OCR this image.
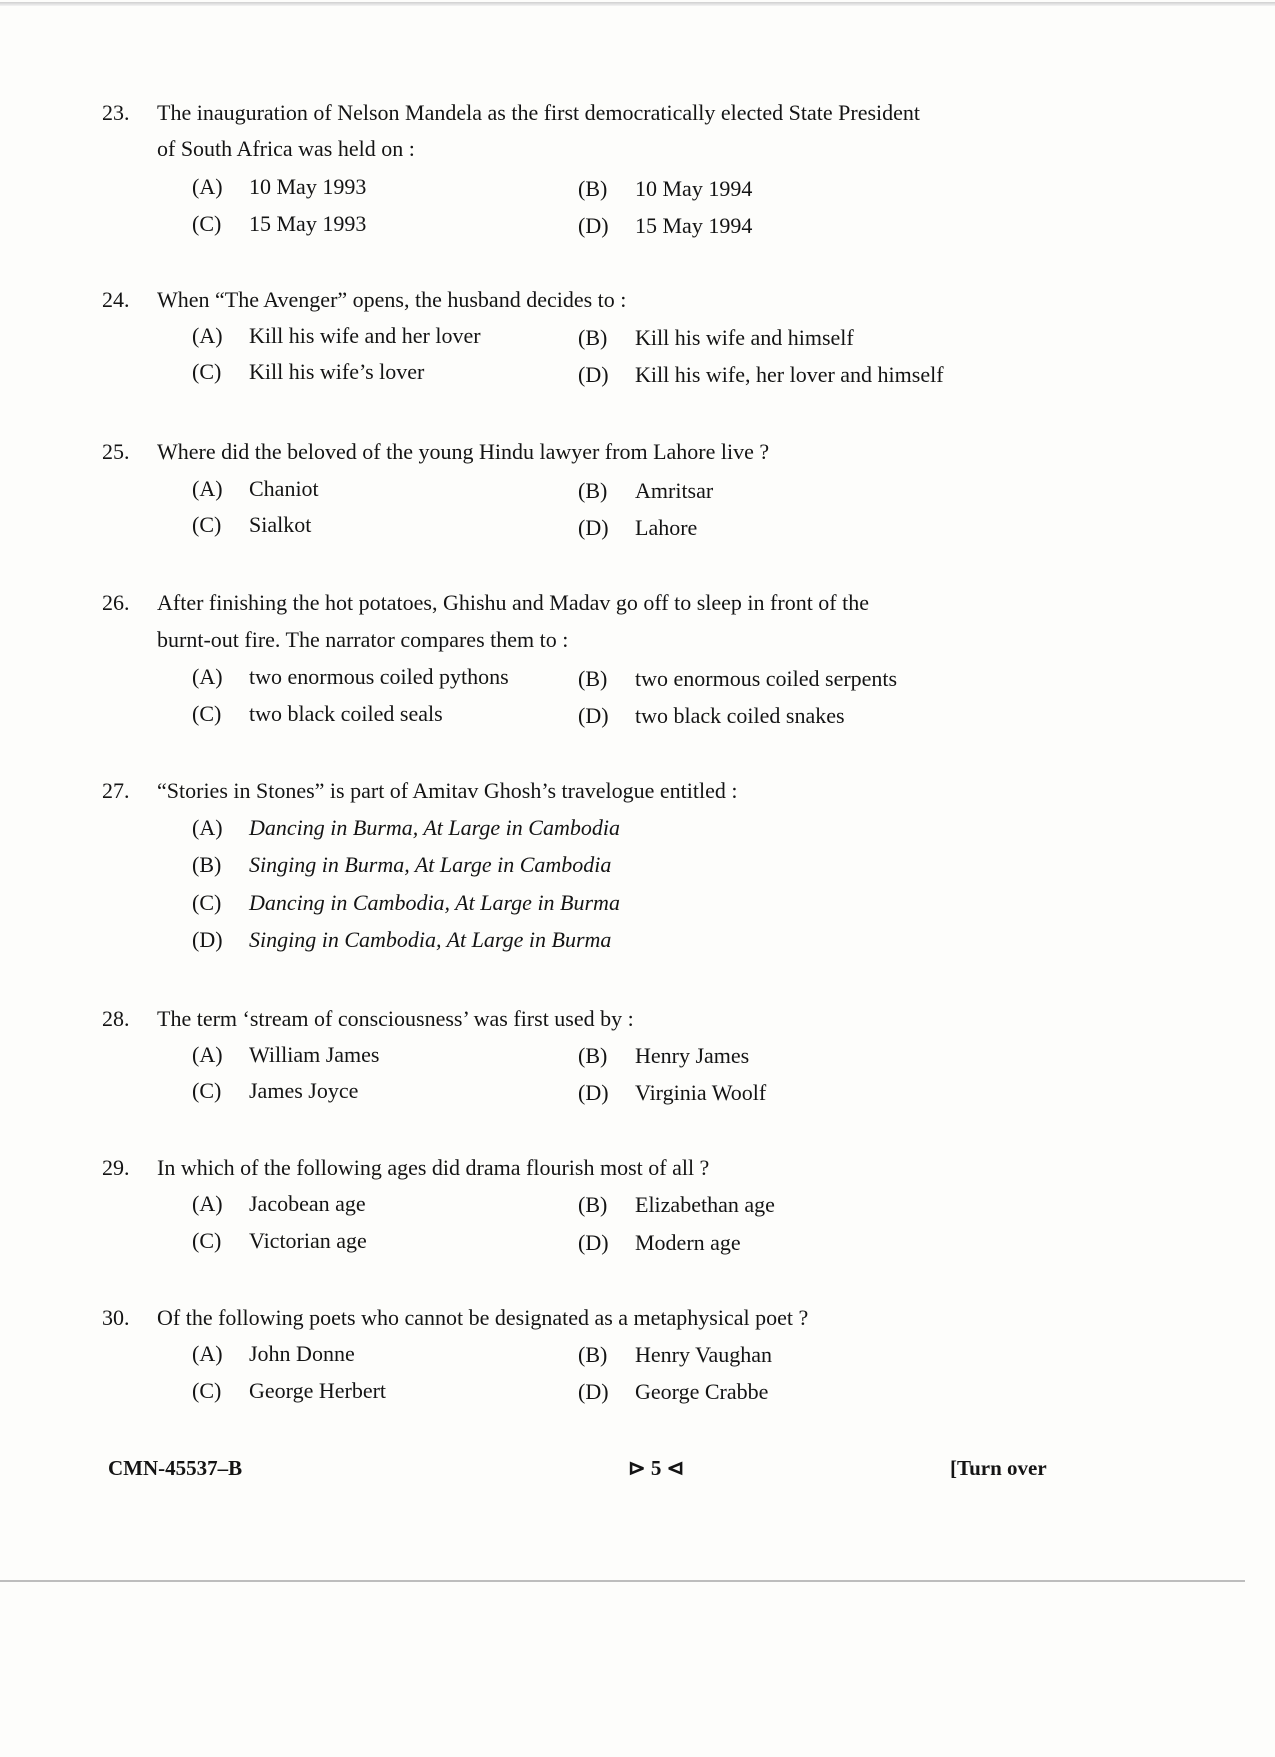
23. The inauguration of Nelson Mandela as the first democratically elected State President
of South Africa was held on :
(A) 10 May 1993	(B) 10 May 1994
(C) 15 May 1993	(D) 15 May 1994
24. When “The Avenger” opens, the husband decides to :
(A) Kill his wife and her lover	(B) Kill his wife and himself
(C) Kill his wife’s lover	(D) Kill his wife, her lover and himself
25. Where did the beloved of the young Hindu lawyer from Lahore live ?
(A) Chaniot	(B) Amritsar
(C) Sialkot	(D) Lahore
26. After finishing the hot potatoes, Ghishu and Madav go off to sleep in front of the
burnt-out fire. The narrator compares them to :
(A) two enormous coiled pythons	(B) two enormous coiled serpents
(C) two black coiled seals	(D) two black coiled snakes
27. “Stories in Stones” is part of Amitav Ghosh’s travelogue entitled :
(A) Dancing in Burma, At Large in Cambodia
(B) Singing in Burma, At Large in Cambodia
(C) Dancing in Cambodia, At Large in Burma
(D) Singing in Cambodia, At Large in Burma
28. The term ‘stream of consciousness’ was first used by :
(A) William James	(B) Henry James
(C) James Joyce	(D) Virginia Woolf
29. In which of the following ages did drama flourish most of all ?
(A) Jacobean age	(B) Elizabethan age
(C) Victorian age	(D) Modern age
30. Of the following poets who cannot be designated as a metaphysical poet ?
(A) John Donne	(B) Henry Vaughan
(C) George Herbert	(D) George Crabbe
CMN-45537–B	⊳ 5 ⊲	[Turn over
